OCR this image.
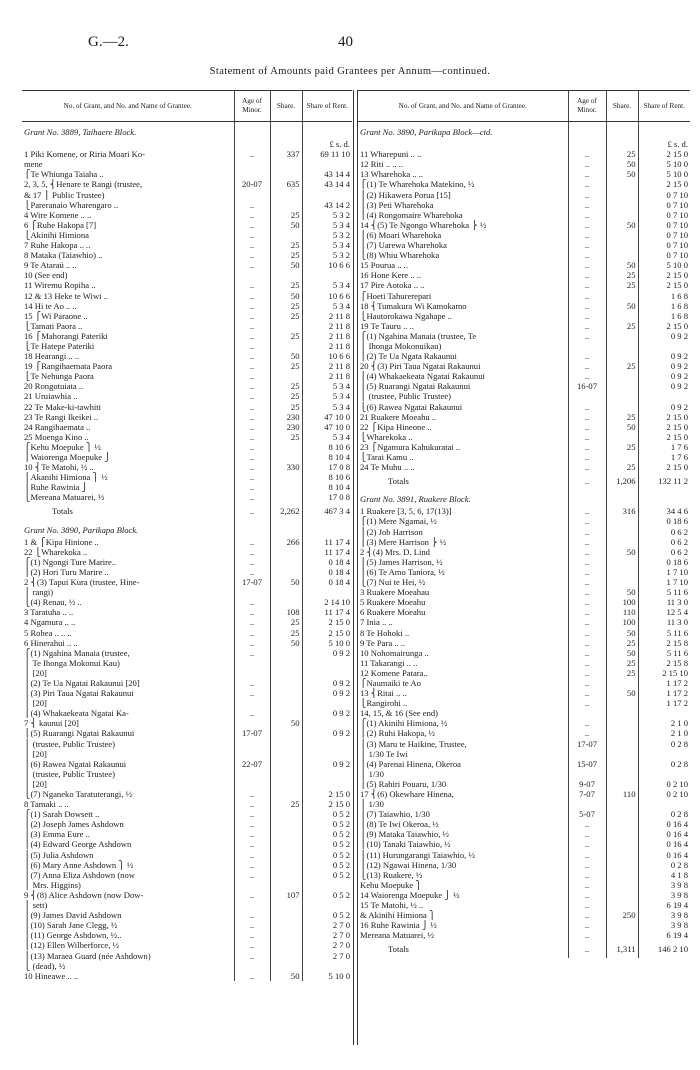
G.—2.	40
Statement of Amounts paid Grantees per Annum—continued.
No. of Grant, and No. and Name of Grantee.	Age of Minor.	Share.	Share of Rent.
Grant No. 3889, Taihaere Block.			
			£ s. d.
1 Piki Komene, or Riria Moari Ko-	..	337	69 11 10
mene			
⎧Te Whiunga Taiaha ..			43 14 4
2, 3, 5, ⎨Henare te Rangi (trustee,	20-07	635	43 14 4
& 17 ⎪ Public Trustee)			
⎩Pareranaio Wharengaro ..	..		43 14 2
4 Wire Komene .. ..	..	25	5 3 2
6 ⎧Ruhe Hakopa [7]	..	50	5 3 4
⎩Akinihi Himiona	..		5 3 2
7 Ruhe Hakopa .. ..	..	25	5 3 4
8 Mataka (Taiawhio) ..	..	25	5 3 2
9 Te Ataraü .. ..	..	50	10 6 6
10 (See end)			
11 Wiremu Ropiha ..	..	25	5 3 4
12 & 13 Heke te Wiwi ..	..	50	10 6 6
14 Hi te Ao .. ..	..	25	5 3 4
15 ⎧Wi Paraone ..	..	25	2 11 8
⎩Tamati Paora ..	..		2 11 8
16 ⎧Mahorangi Pateriki	..	25	2 11 8
⎩Te Hatepe Pateriki	..		2 11 8
18 Hearangi .. ..	..	50	10 6 6
19 ⎧Rangihaemata Paora	..	25	2 11 8
⎩Te Nehunga Paora	..		2 11 8
20 Rongotuiata ..	..	25	5 3 4
21 Uruiawhia ..	..	25	5 3 4
22 Te Make-ki-tawhiti	..	25	5 3 4
23 Te Rangi Ikeikei ..	..	230	47 10 0
24 Rangihaemata ..	..	230	47 10 0
25 Moenga Kino ..	..	25	5 3 4
⎧Kehu Moepuke ⎫ ½	..		8 10 6
⎪Waiorenga Moepuke ⎭	..		8 10 4
10 ⎨Te Matohi, ½ ..	..	330	17 0 8
⎪Akanihi Himiona ⎫ ½	..		8 10 6
⎪Ruhe Rawinia ⎭	..		8 10 4
⎩Mereana Matuarei, ½	..		17 0 8
Totals	..	2,262	467 3 4
Grant No. 3890, Parikapa Block.			
1 & ⎧Kipa Hinione ..	..	266	11 17 4
22 ⎩Wharekoka ..	..		11 17 4
⎧(1) Ngongi Ture Marire..	..		0 18 4
⎪(2) Hori Turu Marire ..	..		0 18 4
2 ⎨(3) Tapui Kura (trustee, Hine-	17-07	50	0 18 4
⎪ rangi)			
⎩(4) Renau, ½ ..	..		2 14 10
3 Taratuha .. ..	..	108	11 17 4
4 Ngamura .. ..	..	25	2 15 0
5 Rohea .. .. ..	..	25	2 15 0
6 Hinerahui .. ..	..	50	5 10 0
⎧(1) Ngahina Manaia (trustee,	..		0 9 2
⎪ Te Ihonga Mokonui Kau)			
⎪ [20]			
⎪(2) Te Ua Ngatai Rakaunui [20]	..		0 9 2
⎪(3) Piri Taua Ngatai Rakaunui	..		0 9 2
⎪ [20]			
⎪(4) Whakaekeata Ngatai Ka-	..		0 9 2
7 ⎨ kaunui [20]		50	
⎪(5) Ruarangi Ngatai Rakaunui	17-07		0 9 2
⎪ (trustee, Public Trustee)			
⎪ [20]			
⎪(6) Rawea Ngatai Rakaunui	22-07		0 9 2
⎪ (trustee, Public Trustee)			
⎪ [20]			
⎩(7) Nganeko Taratuterangi, ½	..		2 15 0
8 Tamaki .. ..	..	25	2 15 0
⎧(1) Sarah Dowsett ..	..		0 5 2
⎪(2) Joseph James Ashdown	..		0 5 2
⎪(3) Emma Eure ..	..		0 5 2
⎪(4) Edward George Ashdown	..		0 5 2
⎪(5) Julia Ashdown	..		0 5 2
⎪(6) Mary Anne Ashdown ⎫ ½	..		0 5 2
⎪(7) Anna Eliza Ashdown (now	..		0 5 2
⎪ Mrs. Higgins)			
9 ⎨(8) Alice Ashdown (now Dow-	..	107	0 5 2
⎪ sett)			
⎪(9) James David Ashdown	..		0 5 2
⎪(10) Sarah Jane Clegg, ½	..		2 7 0
⎪(11) George Ashdown, ½..	..		2 7 0
⎪(12) Ellen Wilberforce, ½	..		2 7 0
⎪(13) Maraea Guard (née Ashdown)	..		2 7 0
⎩ (dead), ½			
10 Hineawe .. ..	..	50	5 10 0
No. of Grant, and No. and Name of Grantee.	Age of Minor.	Share.	Share of Rent.
Grant No. 3890, Parikapa Block—ctd.			
			£ s. d.
11 Wharepuni .. ..	..	25	2 15 0
12 Riti .. .. ..	..	50	5 10 0
13 Wharehoka .. ..	..	50	5 10 0
⎧(1) Te Wharehoka Matekino, ½	..		2 15 0
⎪(2) Hikawera Porua [15]	..		0 7 10
⎪(3) Peti Wharehoka	..		0 7 10
⎪(4) Rongomaire Wharehoka	..		0 7 10
14 ⎨(5) Te Ngongo Wharehoka ⎬ ½	..	50	0 7 10
⎪(6) Moari Wharehoka	..		0 7 10
⎪(7) Uarewa Wharehoka	..		0 7 10
⎩(8) Whiu Wharehoka	..		0 7 10
15 Pourua .. ..	..	50	5 10 0
16 Hone Kere .. ..	..	25	2 15 0
17 Pire Aotoka .. ..	..	25	2 15 0
⎧Hoeti Tahurerepari	..		1 6 8
18 ⎨Tumakura Wi Kamokamo	..	50	1 6 8
⎩Hautorokawa Ngahape ..	..		1 6 8
19 Te Tauru .. ..	..	25	2 15 0
⎧(1) Ngahina Manaia (trustee, Te	..		0 9 2
⎪ Ihonga Mokonuikau)			
⎪(2) Te Ua Ngata Rakaunui	..		0 9 2
20 ⎨(3) Piri Taua Ngatai Rakaunui	..	25	0 9 2
⎪(4) Whakaekeata Ngatai Rakaunui	..		0 9 2
⎪(5) Ruarangi Ngatai Rakaunui	16-07		0 9 2
⎪ (trustee, Public Trustee)			
⎩(6) Rawea Ngatai Rakaunui	..		0 9 2
21 Ruakere Moeahu ..	..	25	2 15 0
22 ⎧Kipa Hineone ..	..	50	2 15 0
⎩Wharekoka ..	..		2 15 0
23 ⎧Ngamura Kahukuratai ..	..	25	1 7 6
⎩Tarai Kamu ..	..		1 7 6
24 Te Muhu .. ..	..	25	2 15 0
Totals	..	1,206	132 11 2
Grant No. 3891, Ruakere Block.			
1 Ruakere [3, 5, 6, 17(13)]	..	316	34 4 6
⎧(1) Mere Ngamai, ½	..		0 18 6
⎪(2) Job Harrison	..		0 6 2
⎪(3) Mere Harrison ⎬ ½	..		0 6 2
2 ⎨(4) Mrs. D. Lind	..	50	0 6 2
⎪(5) James Harrison, ½	..		0 18 6
⎪(6) Te Amo Taniora, ½	..		1 7 10
⎩(7) Nui te Hei, ½	..		1 7 10
3 Ruakere Moeahau	..	50	5 11 6
5 Ruakere Moeahu	..	100	11 3 0
6 Ruakere Moeahu	..	110	12 5 4
7 Inia .. ..	..	100	11 3 0
8 Te Hohoki ..	..	50	5 11 6
9 Te Para .. ..	..	25	2 15 8
10 Nohomairunga ..	..	50	5 11 6
11 Takarangi .. ..	..	25	2 15 8
12 Komene Patara..	..	25	2 15 10
⎧Naumaiki te Ao	..		1 17 2
13 ⎨Ritai .. ..	..	50	1 17 2
⎩Rangirohi ..	..		1 17 2
14, 15, & 16 (See end)			
⎧(1) Akinihi Himiona, ½	..		2 1 0
⎪(2) Ruhi Hakopa, ½	..		2 1 0
⎪(3) Maru te Haikine, Trustee,	17-07		0 2 8
⎪ 1/30 Te Iwi			
⎪(4) Parenai Hinena, Okeroa	15-07		0 2 8
⎪ 1/30			
⎪(5) Rahiri Pouaru, 1/30	9-07		0 2 10
17 ⎨(6) Okewhare Hinena,	7-07	110	0 2 10
⎪ 1/30			
⎪(7) Taiawhio, 1/30	5-07		0 2 8
⎪(8) Te Iwi Okeroa, ½	..		0 16 4
⎪(9) Mataka Taiawhio, ½	..		0 16 4
⎪(10) Tanaki Taiawhio, ½	..		0 16 4
⎪(11) Hurungarangi Taiawhio, ½	..		0 16 4
⎪(12) Ngawai Hinena, 1/30	..		0 2 8
⎩(13) Ruakere, ½	..		4 1 8
Kehu Moepuke ⎫	..		3 9 8
14 Waiorenga Moepuke ⎭ ½	..		3 9 8
15 Te Matohi, ½ ..	..		6 19 4
& Akinihi Himiona ⎫	..	250	3 9 8
16 Ruhe Rawinia ⎭ ½	..		3 9 8
Mereana Matuarei, ½	..		6 19 4
Totals	..	1,311	146 2 10
